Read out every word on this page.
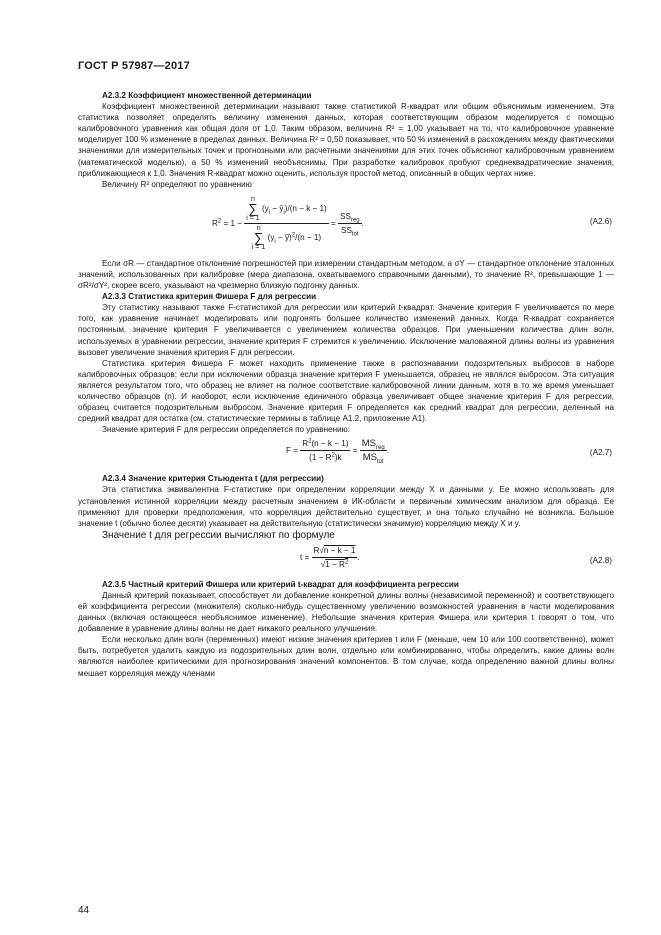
ГОСТ Р 57987—2017
A2.3.2 Коэффициент множественной детерминации

Коэффициент множественной детерминации называют также статистикой R-квадрат или общим объяснимым изменением. Эта статистика позволяет определять величину изменения данных, которая соответствующим образом моделируется с помощью калибровочного уравнения как общая доля от 1,0. Таким образом, величина R² = 1,00 указывает на то, что калибровочное уравнение моделирует 100 % изменение в пределах данных. Величина R² = 0,50 показывает, что 50 % изменений в расхождениях между фактическими значениями для измерительных точек и прогнозными или расчетными значениями для этих точек объясняют калибровочным уравнением (математической моделью), а 50 % изменений необъяснимы. При разработке калибровок пробуют среднеквадратические значения, приближающиеся к 1,0. Значения R-квадрат можно оценить, используя простой метод, описанный в общих чертах ниже.

Величину R² определяют по уравнению

$R^2 = 1 - n$
∑
i = 1 ($y_i$ − $ŷ_i)/(n - k - 1)$
n
∑
i = 1 ($y_i$ − y̅)$^2$/(n − $1) = \frac{SS_{reg}}{SS_{tot}}$ .	(A2.6)

Если σR — стандартное отклонение погрешностей при измерении стандартным методом, а σY — стандартное отклонение эталонных значений, использованных при калибровке (мера диапазона, охватываемого справочными данными), то значение R², превышающие 1 — σR²/σY², скорее всего, указывают на чрезмерно близкую подгонку данных.

A2.3.3 Статистика критерия Фишера F для регрессии

Эту статистику называют также F-статистикой для регрессии или критерий t-квадрат. Значение критерия F увеличивается по мере того, как уравнение начинает моделировать или подгонять большее количество изменений данных. Когда R-квадрат сохраняется постоянным, значение критерия F увеличивается с увеличением количества образцов. При уменьшении количества длин волн, используемых в уравнении регрессии, значение критерия F стремится к увеличению. Исключение маловажной длины волны из уравнения вызовет увеличение значения критерия F для регрессии.

Статистика критерия Фишера F может находить применение также в распознавании подозрительных выбросов в наборе калибровочных образцов; если при исключении образца значение критерия F уменьшается, образец не являлся выбросом. Эта ситуация является результатом того, что образец не влияет на полное соответствие калибровочной линии данным, хотя в то же время уменьшает количество образцов (n). И наоборот, если исключение единичного образца увеличивает общее значение критерия F для регрессии, образец считается подозрительным выбросом. Значение критерия F определяется как средний квадрат для регрессии, деленный на средний квадрат для остатка (см. статистические термины в таблице A1.2, приложение A1).

Значение критерия F для регрессии определяется по уравнению:

$F = \frac{R^2(n - k - 1)}{(1 - R^2)k} = \frac{MS_{reg}}{MS_{tot}}$ .	(A2.7)
A2.3.4 Значение критерия Стьюдента t (для регрессии)

Эта статистика эквивалентна F-статистике при определении корреляции между X и данными y. Ее можно использовать для установления истинной корреляции между расчетным значением в ИК-области и первичным химическим анализом для образца. Ее применяют для проверки предположения, что корреляция действительно существует, и она только случайно не возникла. Большое значение t (обычно более десяти) указывает на действительную (статистически значимую) корреляцию между X и y.

Значение t для регрессии вычисляют по формуле

$t = \frac{R√n - k - 1}{√1 - R^2}$ .	(A2.8)
A2.3.5 Частный критерий Фишера или критерий t-квадрат для коэффициента регрессии

Данный критерий показывает, способствует ли добавление конкретной длины волны (независимой переменной) и соответствующего ей коэффициента регрессии (множителя) сколько-нибудь существенному увеличению возможностей уравнения в части моделирования данных (включая остающееся необъяснимое изменение). Небольшие значения критерия Фишера или критерия t говорят о том, что добавление в уравнение длины волны не дает никакого реального улучшения.

Если несколько длин волн (переменных) имеют низкие значения критериев t или F (меньше, чем 10 или 100 соответственно), может быть, потребуется удалить каждую из подозрительных длин волн, отдельно или комбинированно, чтобы определить, какие длины волн являются наиболее критическими для прогнозирования значений компонентов. В том случае, когда определению важной длины волны мешает корреляция между членами

44
